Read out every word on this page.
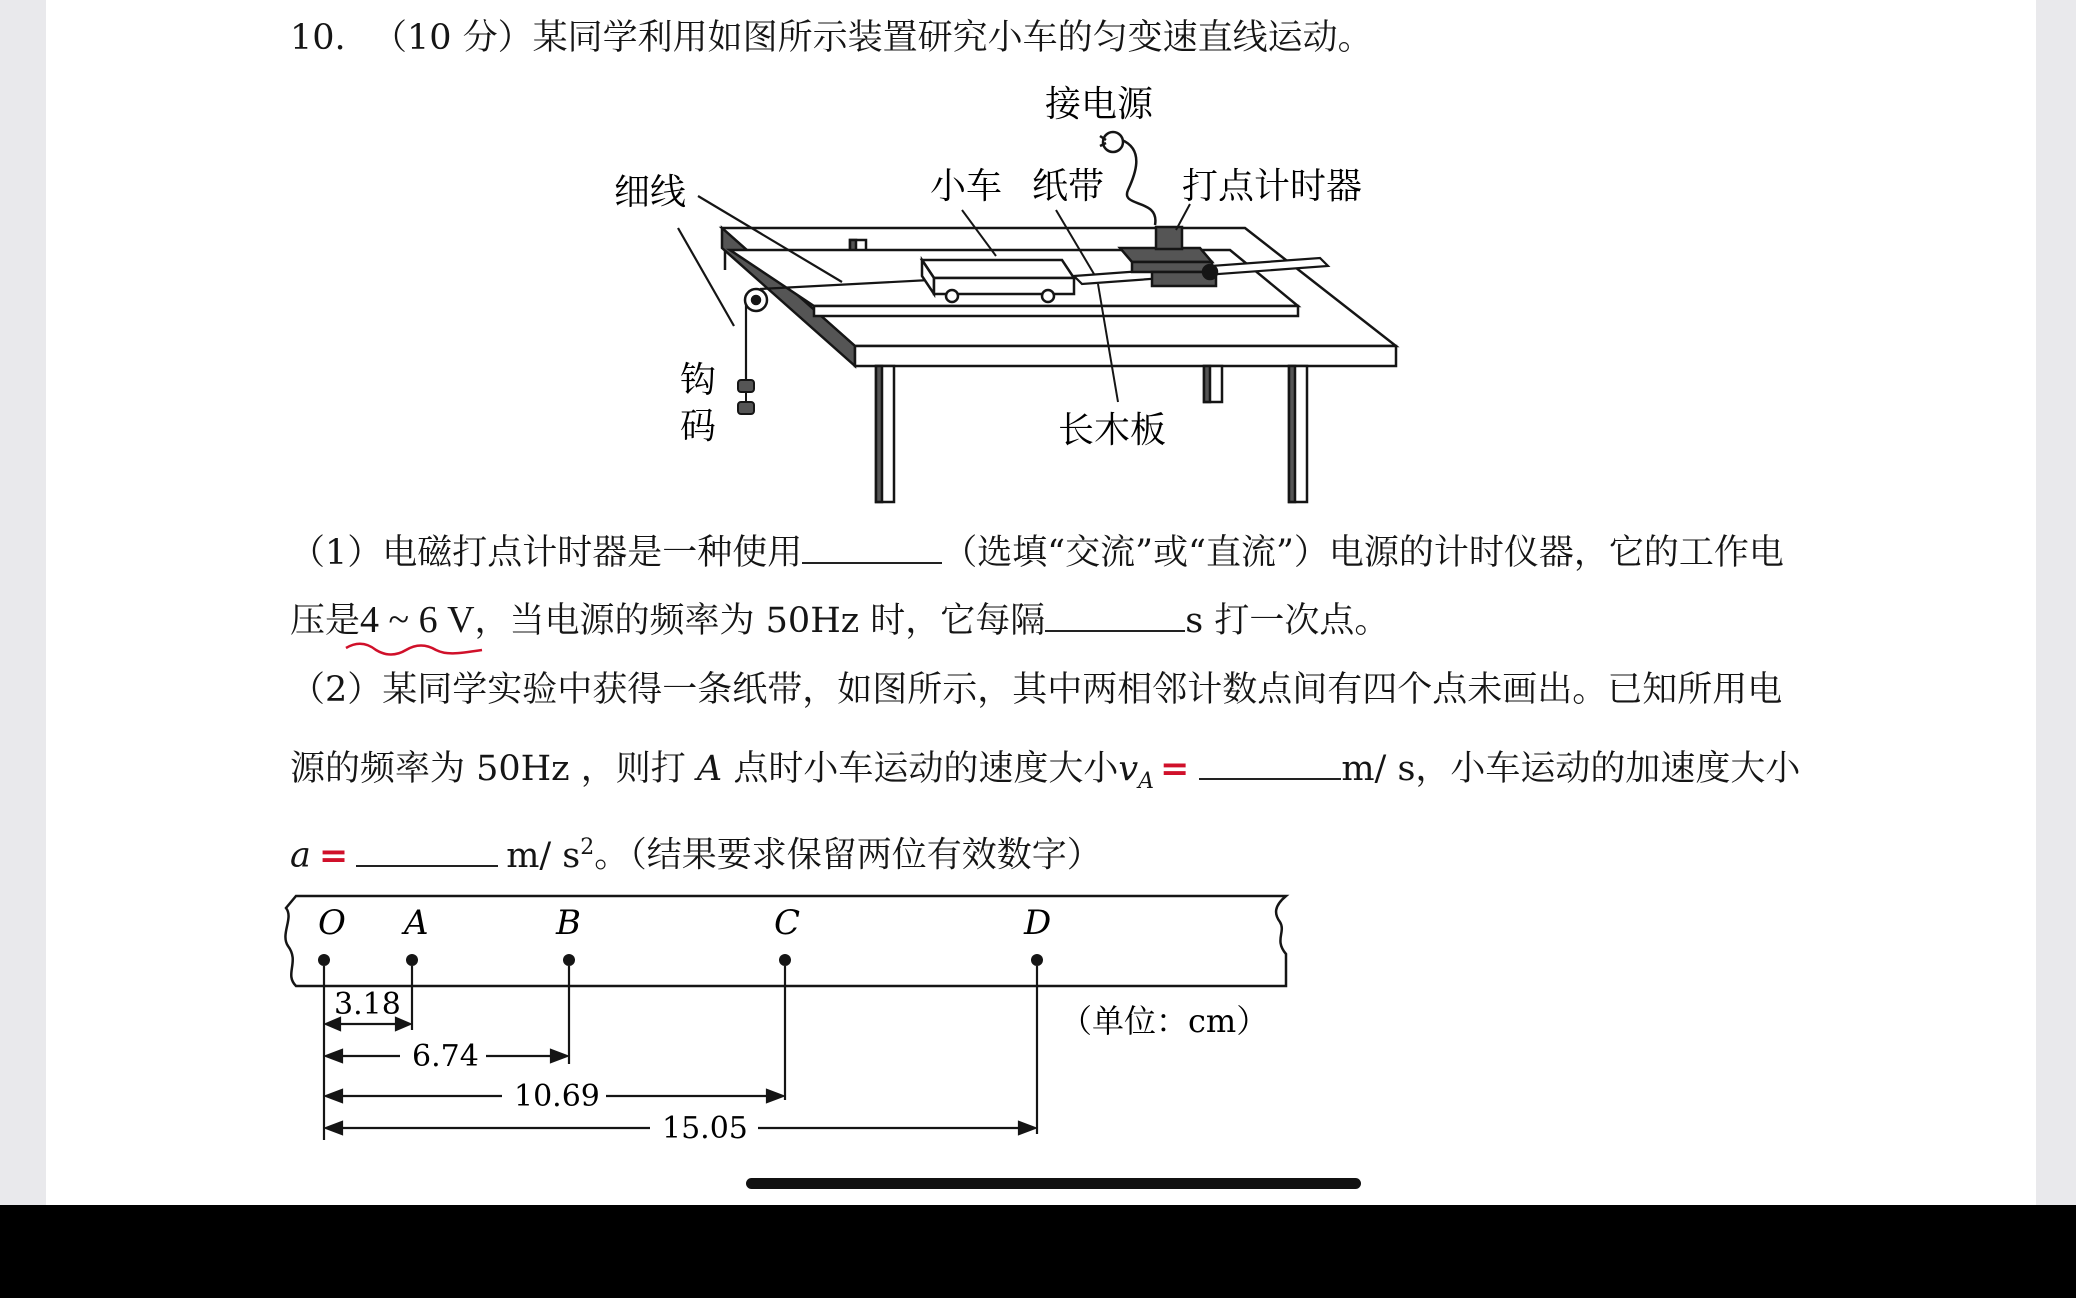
10. （10 分）某同学利用如图所示装置研究小车的匀变速直线运动。
接电源
细线	小车 纸带 打点计时器
钩
码	长木板
（1）电磁打点计时器是一种使用	（选填“交流”或“直流”）电源的计时仪器，它的工作电
压是4 ~ 6 V，当电源的频率为 50Hz 时，它每隔	s 打一次点。
（2）某同学实验中获得一条纸带，如图所示，其中两相邻计数点间有四个点未画出。已知所用电
源的频率为 50Hz ，则打 A 点时小车运动的速度大小$v_A$ =	m/ s，小车运动的加速度大小
a =	m/ $s^2$。（结果要求保留两位有效数字）
O A	B	C	D
3.18
6.74
10.69
15.05
（单位：cm）
